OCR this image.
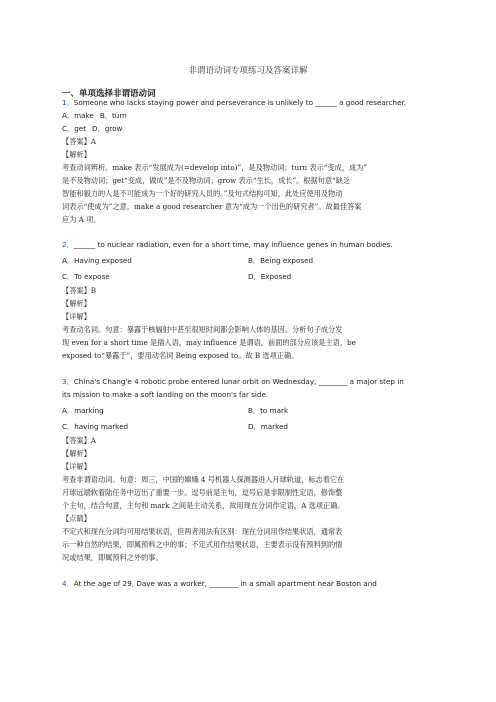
非谓语动词专项练习及答案详解
一、单项选择非谓语动词
1．Someone who lacks staying power and perseverance is unlikely to ______ a good researcher.
A．make B．turn
C．get D．grow
【答案】A
【解析】
考查动词辨析。make 表示“发展成为(=develop into)”，是及物动词；turn 表示“变成，成为”
是不及物动词；get“变成，做成”是不及物动词；grow 表示“生长，成长”。根据句意“缺乏
智能和毅力的人是不可能成为一个好的研究人员的。”及句式结构可知，此处应使用及物动
词表示“使成为”之意，make a good researcher 意为“成为一个出色的研究者”。故最佳答案
应为 A 项。
2．______ to nuclear radiation, even for a short time, may influence genes in human bodies.
A．Having exposed	B．Being exposed
C．To expose	D．Exposed
【答案】B
【解析】
【详解】
考查动名词。句意：暴露于核辐射中甚至很短时间都会影响人体的基因。分析句子成分发
现 even for a short time 是插入语，may influence 是谓语，前面的部分应该是主语，be
exposed to“暴露于”，要用动名词 Being exposed to。故 B 选项正确。
3．China's Chang'e 4 robotic probe entered lunar orbit on Wednesday, ________ a major step in
its mission to make a soft landing on the moon's far side.
A．marking	B．to mark
C．having marked	D．marked
【答案】A
【解析】
【详解】
考查非谓语动词。句意：周三，中国的嫦娥 4 号机器人探测器进入月球轨道，标志着它在
月球远端软着陆任务中迈出了重要一步。逗号前是主句，逗号后是非限制性定语，修饰整
个主句，结合句意，主句和 mark 之间是主动关系，故用现在分词作定语，A 选项正确。
【点睛】
不定式和现在分词均可用结果状语，但两者用法有区别：现在分词用作结果状语，通常表
示一种自然的结果，即属预料之中的事；不定式用作结果状语，主要表示没有预料到的情
况或结果，即属预料之外的事。
4．At the age of 29, Dave was a worker, ________ in a small apartment near Boston and
